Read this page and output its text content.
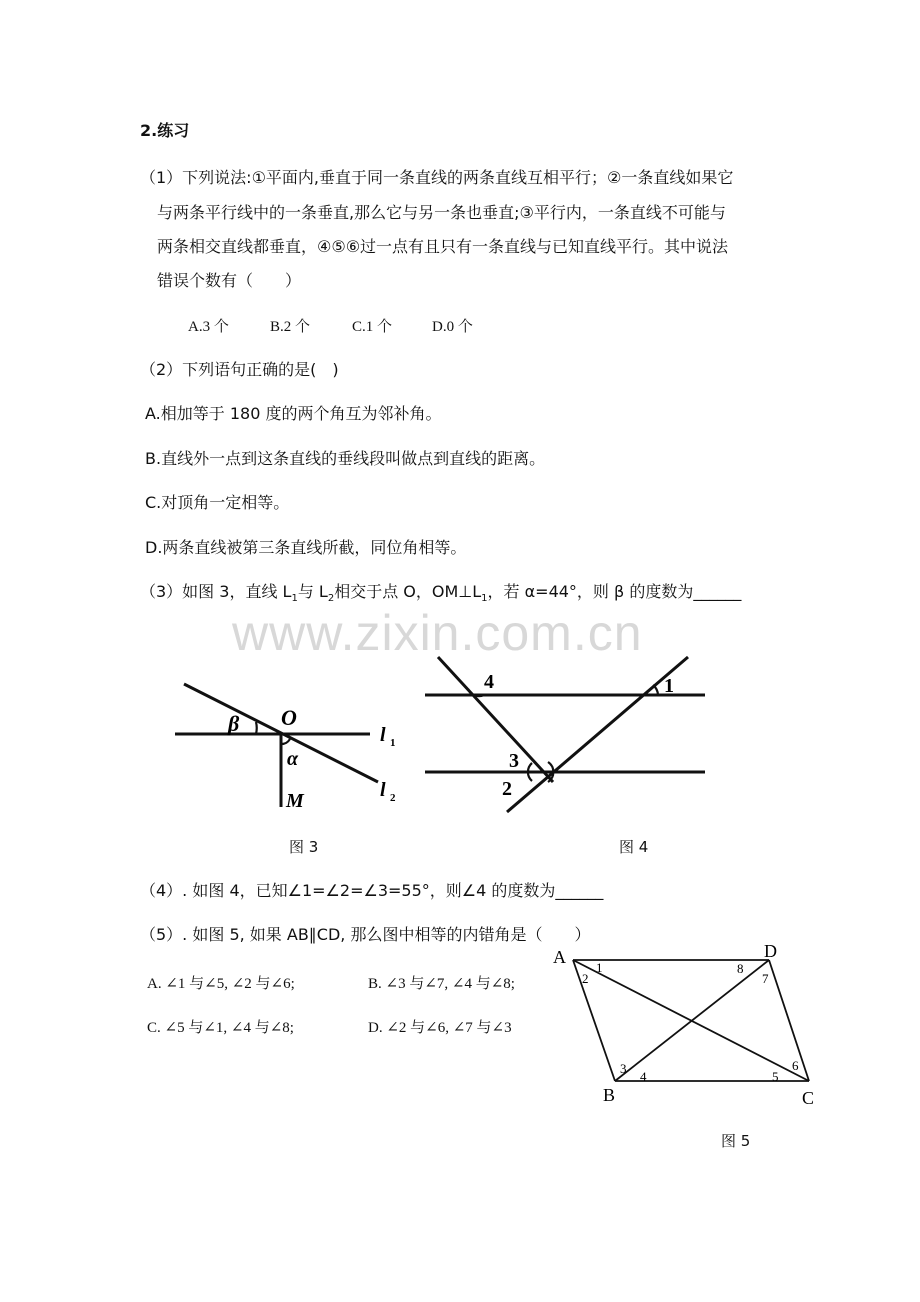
2.练习
（1）下列说法:①平面内,垂直于同一条直线的两条直线互相平行；②一条直线如果它
与两条平行线中的一条垂直,那么它与另一条也垂直;③平行内，一条直线不可能与
两条相交直线都垂直，④⑤⑥过一点有且只有一条直线与已知直线平行。其中说法
错误个数有（　　）
A.3 个	B.2 个	C.1 个	D.0 个
（2）下列语句正确的是(　)
A.相加等于 180 度的两个角互为邻补角。
B.直线外一点到这条直线的垂线段叫做点到直线的距离。
C.对顶角一定相等。
D.两条直线被第三条直线所截，同位角相等。
（3）如图 3，直线 $L_1$与 $L_2$相交于点 O，$OM\perp L_1$，若 α=44°，则 β 的度数为______
www.zixin.com.cn
β O
l 1
α
l 2
M
图 3
4	1
3
2
图 4
（4）. 如图 4，已知∠1=∠2=∠3=55°，则∠4 的度数为______
（5）. 如图 5, 如果 AB∥CD, 那么图中相等的内错角是（　　）
A. ∠1 与∠5, ∠2 与∠6;	B. ∠3 与∠7, ∠4 与∠8;
C. ∠5 与∠1, ∠4 与∠8;	D. ∠2 与∠6, ∠7 与∠3
A	D
B	C
1
2
3
4	5
6
7
8
图 5
